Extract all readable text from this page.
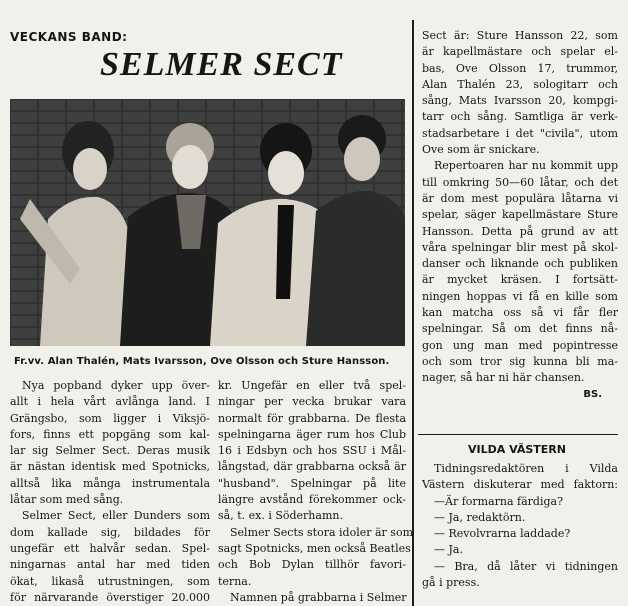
VECKANS BAND:
SELMER SECT
Fr.vv. Alan Thalén, Mats Ivarsson, Ove Olsson och Sture Hansson.

Nya popband dyker upp över-

allt i hela vårt avlånga land. I

Grängsbo, som ligger i Viksjö-

fors, finns ett popgäng som kal-

lar sig Selmer Sect. Deras musik

är nästan identisk med Spotnicks,

alltså lika många instrumentala

låtar som med sång.

Selmer Sect, eller Dunders som

dom kallade sig, bildades för

ungefär ett halvår sedan. Spel-

ningarnas antal har med tiden

ökat, likaså utrustningen, som

för närvarande överstiger 20.000

kr. Ungefär en eller två spel-

ningar per vecka brukar vara

normalt för grabbarna. De flesta

spelningarna äger rum hos Club

16 i Edsbyn och hos SSU i Mål-

långstad, där grabbarna också är

"husband". Spelningar på lite

längre avstånd förekommer ock-

så, t. ex. i Söderhamn.

Selmer Sects stora idoler är som

sagt Spotnicks, men också Beatles

och Bob Dylan tillhör favori-

terna.

Namnen på grabbarna i Selmer

Sect är: Sture Hansson 22, som

är kapellmästare och spelar el-

bas, Ove Olsson 17, trummor,

Alan Thalén 23, sologitarr och

sång, Mats Ivarsson 20, kompgi-

tarr och sång. Samtliga är verk-

stadsarbetare i det "civila", utom

Ove som är snickare.

Repertoaren har nu kommit upp

till omkring 50—60 låtar, och det

är dom mest populära låtarna vi

spelar, säger kapellmästare Sture

Hansson. Detta på grund av att

våra spelningar blir mest på skol-

danser och liknande och publiken

är mycket kräsen. I fortsätt-

ningen hoppas vi få en kille som

kan matcha oss så vi får fler

spelningar. Så om det finns nå-

gon ung man med popintresse

och som tror sig kunna bli ma-

nager, så har ni här chansen.

BS.

VILDA VÄSTERN

Tidningsredaktören i Vilda

Västern diskuterar med faktorn:

—Är formarna färdiga?

— Ja, redaktörn.

— Revolvrarna laddade?

— Ja.

— Bra, då låter vi tidningen

gå i press.
